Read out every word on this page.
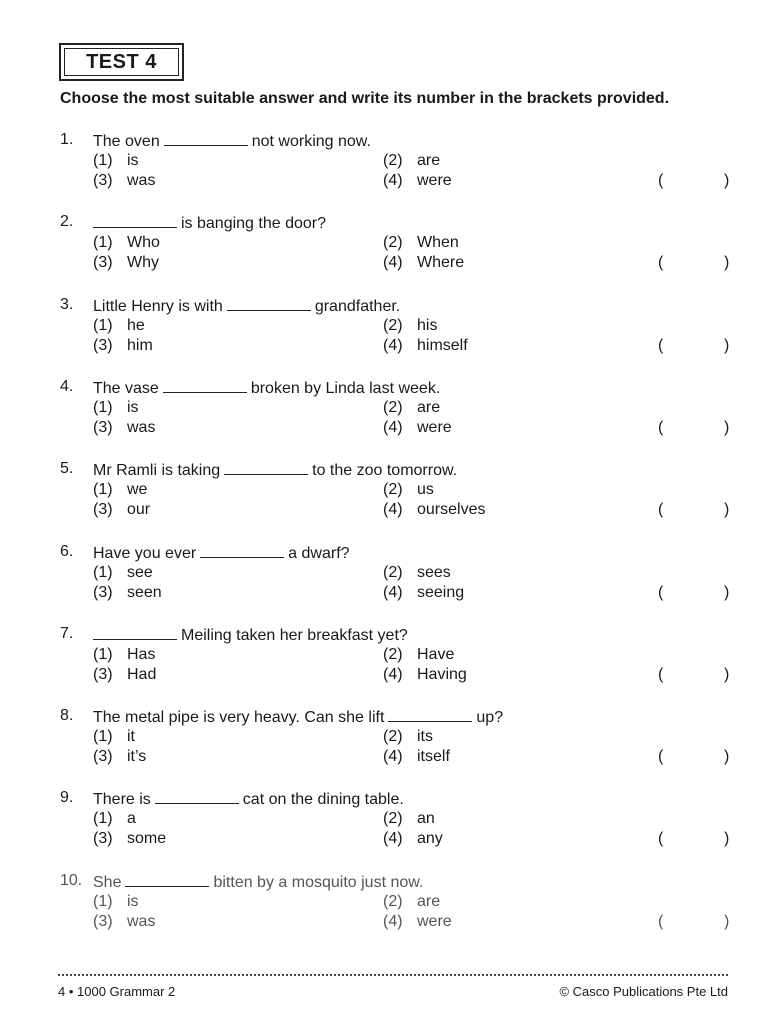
TEST 4
Choose the most suitable answer and write its number in the brackets provided.
1. The oven	not working now.
(1) is	(2) are
(3) was	(4) were	(	)
2.	is banging the door?
(1) Who	(2) When
(3) Why	(4) Where	(	)
3. Little Henry is with	grandfather.
(1) he	(2) his
(3) him	(4) himself	(	)
4. The vase	broken by Linda last week.
(1) is	(2) are
(3) was	(4) were	(	)
5. Mr Ramli is taking	to the zoo tomorrow.
(1) we	(2) us
(3) our	(4) ourselves	(	)
6. Have you ever	a dwarf?
(1) see	(2) sees
(3) seen	(4) seeing	(	)
7.	Meiling taken her breakfast yet?
(1) Has	(2) Have
(3) Had	(4) Having	(	)
8. The metal pipe is very heavy. Can she lift	up?
(1) it	(2) its
(3) it’s	(4) itself	(	)
9. There is	cat on the dining table.
(1) a	(2) an
(3) some	(4) any	(	)
10. She	bitten by a mosquito just now.
(1) is	(2) are
(3) was	(4) were	(	)
4 • 1000 Grammar 2	© Casco Publications Pte Ltd
